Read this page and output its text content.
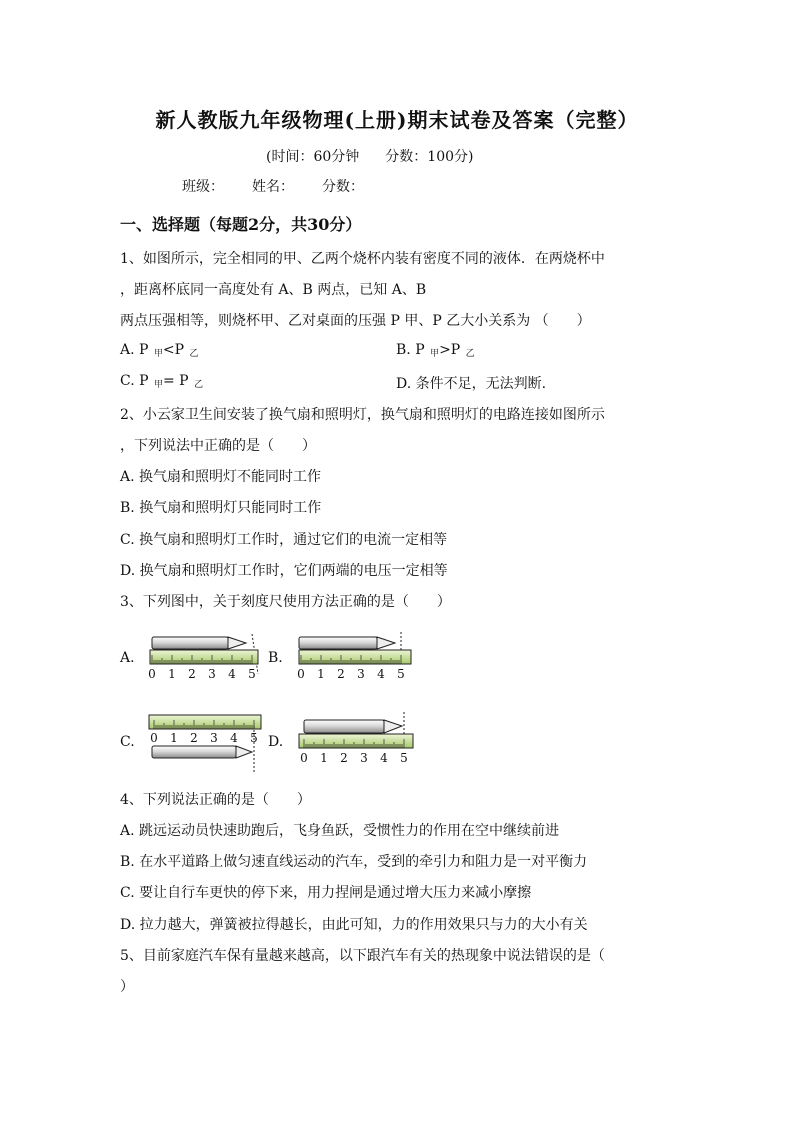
新人教版九年级物理(上册)期末试卷及答案（完整）
(时间：60分钟 分数：100分)
班级： 姓名： 分数：
一、选择题（每题2分，共30分）
1、如图所示，完全相同的甲、乙两个烧杯内装有密度不同的液体．在两烧杯中
，距离杯底同一高度处有 A、B 两点，已知 A、B
两点压强相等，则烧杯甲、乙对桌面的压强 P 甲、P 乙大小关系为 （　　）
A. P $_甲$<P $_乙$	B. P $_甲$>P $_乙$
C. P $_甲$= P $_乙$	D. 条件不足，无法判断.
2、小云家卫生间安装了换气扇和照明灯，换气扇和照明灯的电路连接如图所示
，下列说法中正确的是（　　）
A. 换气扇和照明灯不能同时工作
B. 换气扇和照明灯只能同时工作
C. 换气扇和照明灯工作时，通过它们的电流一定相等
D. 换气扇和照明灯工作时，它们两端的电压一定相等
3、下列图中，关于刻度尺使用方法正确的是（　　）
A.	B.
C.	D.
0 1 2 3 4 5	0 1 2 3 4 5
0 1 2 3 4 5
0 1 2 3 4 5
4、下列说法正确的是（　　）
A. 跳远运动员快速助跑后，飞身鱼跃，受惯性力的作用在空中继续前进
B. 在水平道路上做匀速直线运动的汽车，受到的牵引力和阻力是一对平衡力
C. 要让自行车更快的停下来，用力捏闸是通过增大压力来减小摩擦
D. 拉力越大，弹簧被拉得越长，由此可知，力的作用效果只与力的大小有关
5、目前家庭汽车保有量越来越高，以下跟汽车有关的热现象中说法错误的是（
）
